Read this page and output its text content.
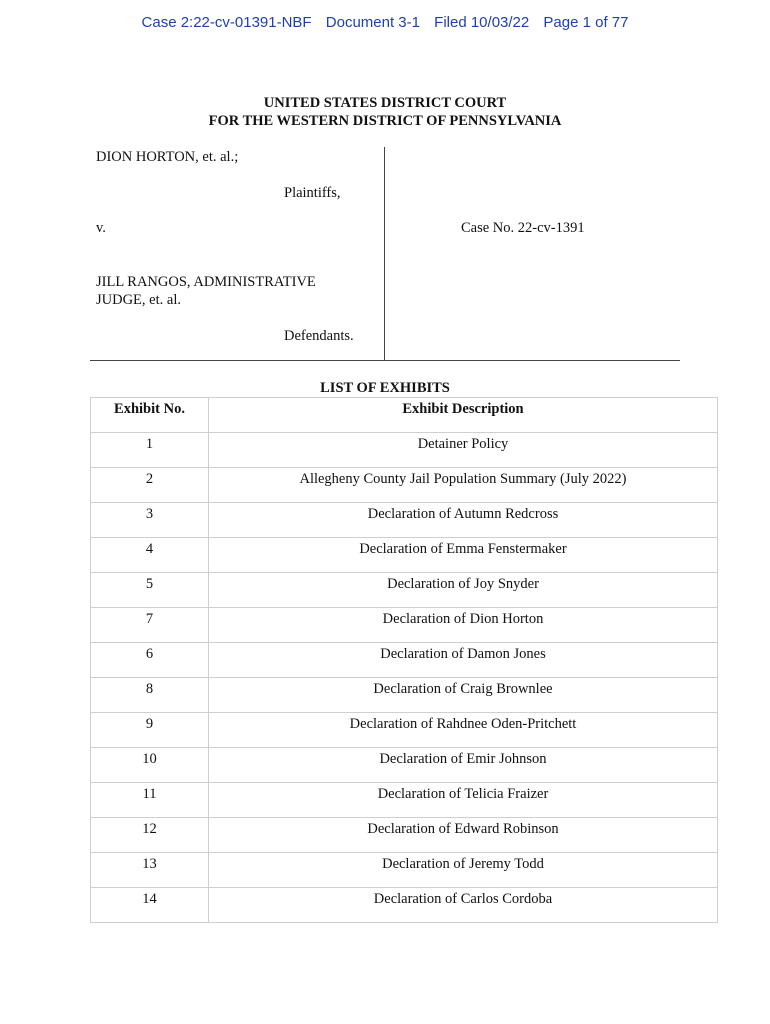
Case 2:22-cv-01391-NBF Document 3-1 Filed 10/03/22 Page 1 of 77
UNITED STATES DISTRICT COURT
FOR THE WESTERN DISTRICT OF PENNSYLVANIA
DION HORTON, et. al.;
Plaintiffs,
v.	Case No. 22-cv-1391
JILL RANGOS, ADMINISTRATIVE
JUDGE, et. al.
Defendants.
LIST OF EXHIBITS
Exhibit No.	Exhibit Description
1	Detainer Policy
2	Allegheny County Jail Population Summary (July 2022)
3	Declaration of Autumn Redcross
4	Declaration of Emma Fenstermaker
5	Declaration of Joy Snyder
7	Declaration of Dion Horton
6	Declaration of Damon Jones
8	Declaration of Craig Brownlee
9	Declaration of Rahdnee Oden-Pritchett
10	Declaration of Emir Johnson
11	Declaration of Telicia Fraizer
12	Declaration of Edward Robinson
13	Declaration of Jeremy Todd
14	Declaration of Carlos Cordoba
